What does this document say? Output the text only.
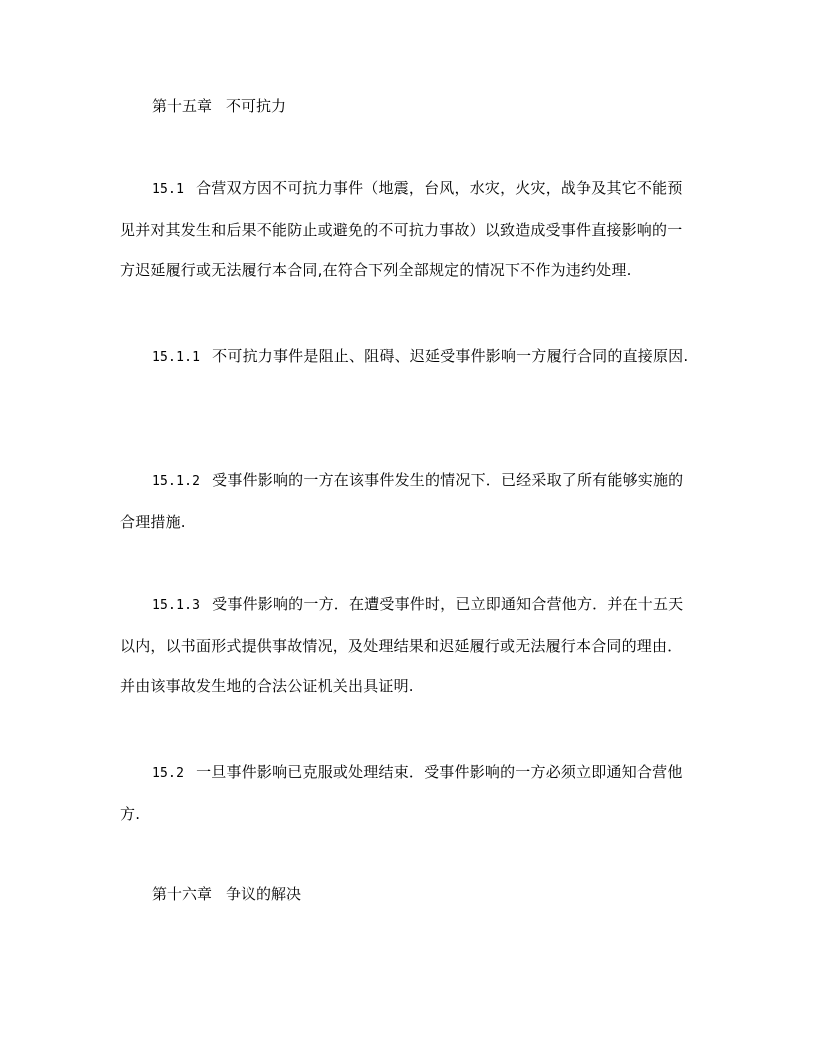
第十五章 不可抗力
15.1 合营双方因不可抗力事件（地震，台风，水灾，火灾，战争及其它不能预见并对其发生和后果不能防止或避免的不可抗力事故）以致造成受事件直接影响的一方迟延履行或无法履行本合同,在符合下列全部规定的情况下不作为违约处理.
15.1.1 不可抗力事件是阻止、阻碍、迟延受事件影响一方履行合同的直接原因.
15.1.2 受事件影响的一方在该事件发生的情况下．已经采取了所有能够实施的合理措施.
15.1.3 受事件影响的一方．在遭受事件时，已立即通知合营他方．并在十五天以内，以书面形式提供事故情况，及处理结果和迟延履行或无法履行本合同的理由．并由该事故发生地的合法公证机关出具证明.
15.2 一旦事件影响已克服或处理结束．受事件影响的一方必须立即通知合营他方.
第十六章 争议的解决
